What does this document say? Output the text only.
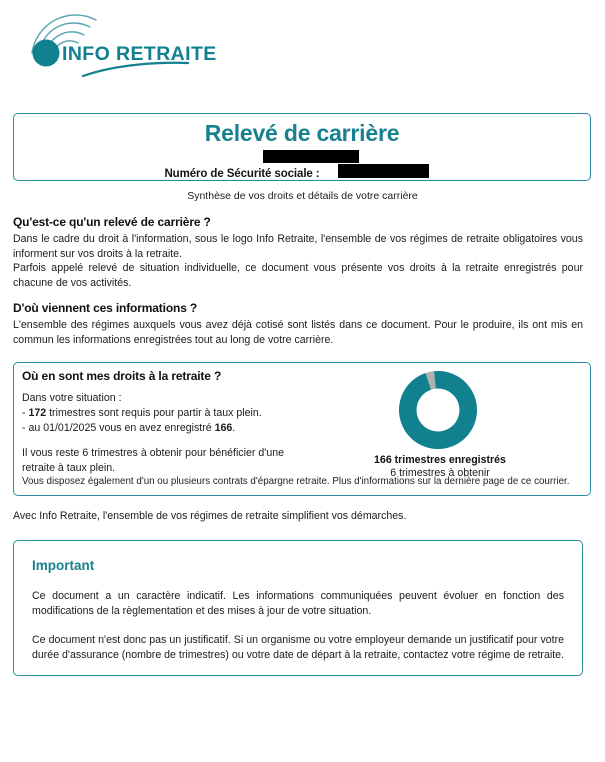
INFO RETRAITE
Relevé de carrière
Numéro de Sécurité sociale :
Synthèse de vos droits et détails de votre carrière
Qu'est-ce qu'un relevé de carrière ?
Dans le cadre du droit à l'information, sous le logo Info Retraite, l'ensemble de vos régimes de retraite obligatoires vous informent sur vos droits à la retraite.
Parfois appelé relevé de situation individuelle, ce document vous présente vos droits à la retraite enregistrés pour chacune de vos activités.
D'où viennent ces informations ?
L'ensemble des régimes auxquels vous avez déjà cotisé sont listés dans ce document. Pour le produire, ils ont mis en commun les informations enregistrées tout au long de votre carrière.
Où en sont mes droits à la retraite ?
Dans votre situation :
- 172 trimestres sont requis pour partir à taux plein.
- au 01/01/2025 vous en avez enregistré 166.
Il vous reste 6 trimestres à obtenir pour bénéficier d'une retraite à taux plein.
Vous disposez également d'un ou plusieurs contrats d'épargne retraite. Plus d'informations sur la dernière page de ce courrier.
166 trimestres enregistrés
6 trimestres à obtenir
Avec Info Retraite, l'ensemble de vos régimes de retraite simplifient vos démarches.
Important
Ce document a un caractère indicatif. Les informations communiquées peuvent évoluer en fonction des modifications de la règlementation et des mises à jour de votre situation.
Ce document n'est donc pas un justificatif. Si un organisme ou votre employeur demande un justificatif pour votre durée d'assurance (nombre de trimestres) ou votre date de départ à la retraite, contactez votre régime de retraite.
